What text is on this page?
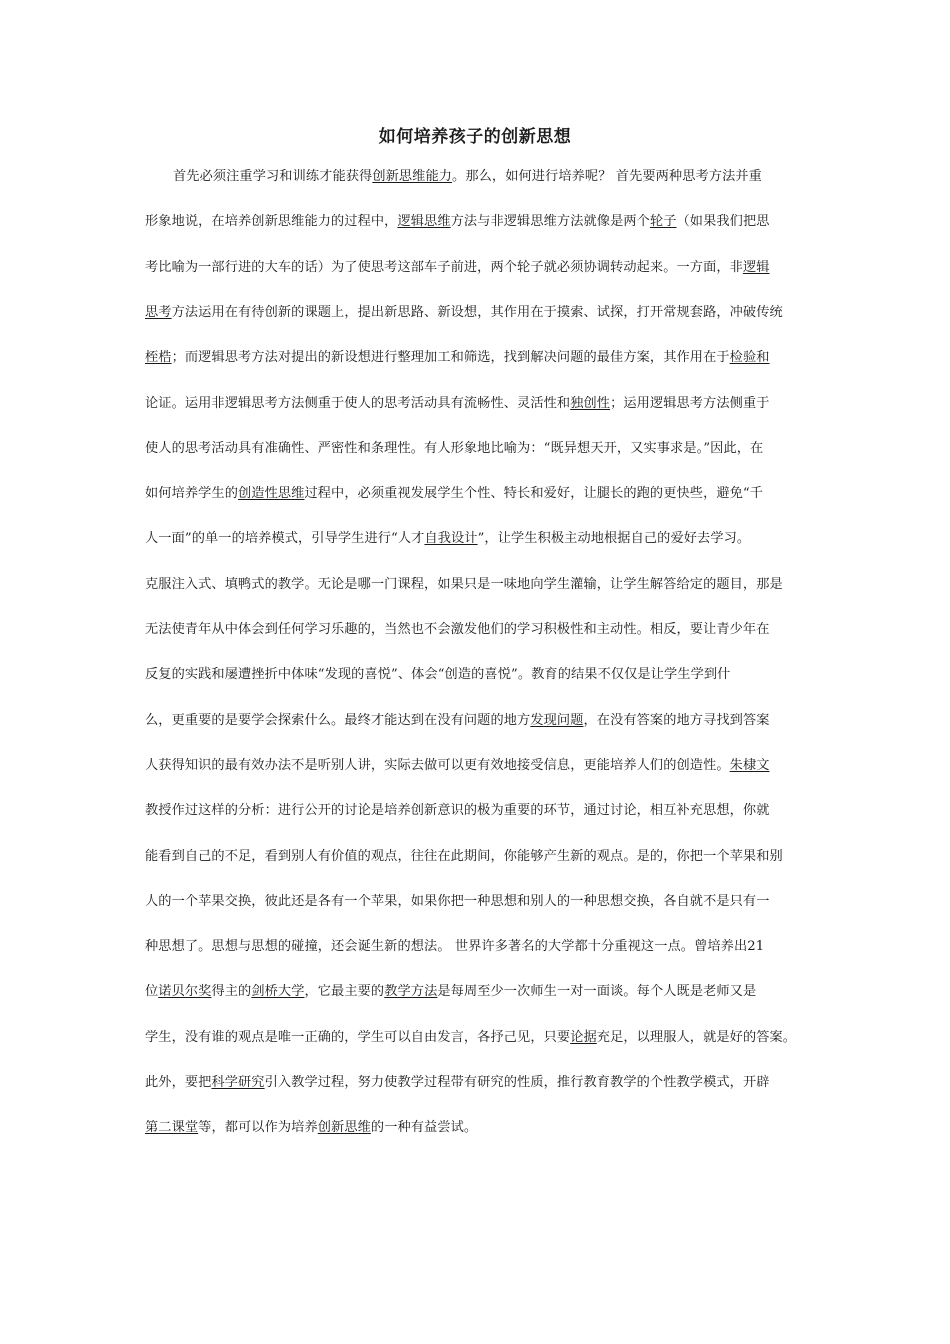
如何培养孩子的创新思想
首先必须注重学习和训练才能获得创新思维能力。那么，如何进行培养呢？ 首先要两种思考方法并重
形象地说，在培养创新思维能力的过程中，逻辑思维方法与非逻辑思维方法就像是两个轮子（如果我们把思
考比喻为一部行进的大车的话）为了使思考这部车子前进，两个轮子就必须协调转动起来。一方面，非逻辑
思考方法运用在有待创新的课题上，提出新思路、新设想，其作用在于摸索、试探，打开常规套路，冲破传统
桎梏；而逻辑思考方法对提出的新设想进行整理加工和筛选，找到解决问题的最佳方案，其作用在于检验和
论证。运用非逻辑思考方法侧重于使人的思考活动具有流畅性、灵活性和独创性；运用逻辑思考方法侧重于
使人的思考活动具有准确性、严密性和条理性。有人形象地比喻为：“既异想天开，又实事求是。”因此，在
如何培养学生的创造性思维过程中，必须重视发展学生个性、特长和爱好，让腿长的跑的更快些，避免“千
人一面”的单一的培养模式，引导学生进行“人才自我设计”，让学生积极主动地根据自己的爱好去学习。
克服注入式、填鸭式的教学。无论是哪一门课程，如果只是一味地向学生灌输，让学生解答给定的题目，那是
无法使青年从中体会到任何学习乐趣的，当然也不会激发他们的学习积极性和主动性。相反，要让青少年在
反复的实践和屡遭挫折中体味“发现的喜悦”、体会“创造的喜悦”。教育的结果不仅仅是让学生学到什
么，更重要的是要学会探索什么。最终才能达到在没有问题的地方发现问题，在没有答案的地方寻找到答案
人获得知识的最有效办法不是听别人讲，实际去做可以更有效地接受信息，更能培养人们的创造性。朱棣文
教授作过这样的分析：进行公开的讨论是培养创新意识的极为重要的环节，通过讨论，相互补充思想，你就
能看到自己的不足，看到别人有价值的观点，往往在此期间，你能够产生新的观点。是的，你把一个苹果和别
人的一个苹果交换，彼此还是各有一个苹果，如果你把一种思想和别人的一种思想交换，各自就不是只有一
种思想了。思想与思想的碰撞，还会诞生新的想法。 世界许多著名的大学都十分重视这一点。曾培养出21
位诺贝尔奖得主的剑桥大学，它最主要的教学方法是每周至少一次师生一对一面谈。每个人既是老师又是
学生，没有谁的观点是唯一正确的，学生可以自由发言，各抒己见，只要论据充足，以理服人，就是好的答案。
此外，要把科学研究引入教学过程，努力使教学过程带有研究的性质，推行教育教学的个性教学模式，开辟
第二课堂等，都可以作为培养创新思维的一种有益尝试。
